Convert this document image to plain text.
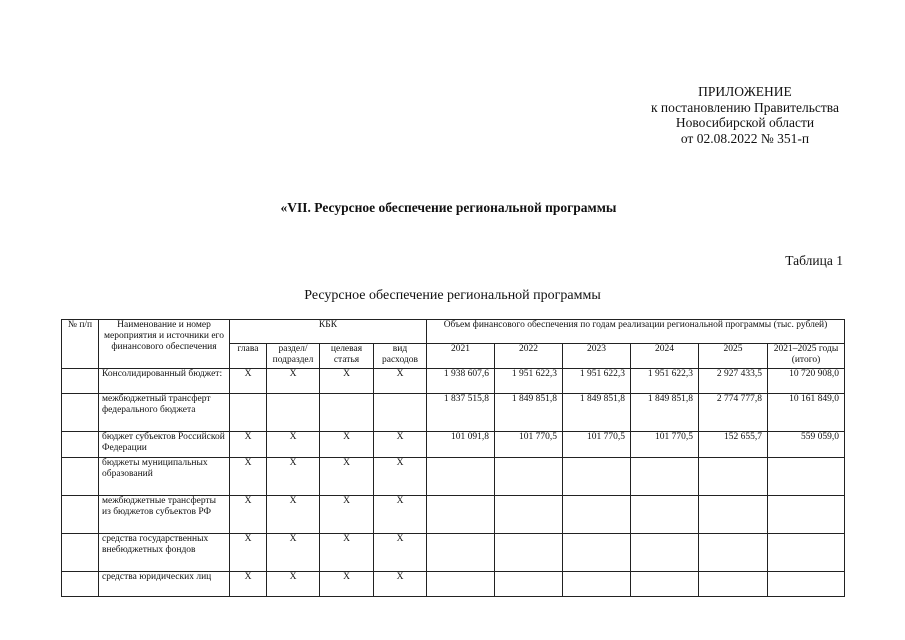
ПРИЛОЖЕНИЕ
к постановлению Правительства
Новосибирской области
от 02.08.2022 № 351-п
«VII. Ресурсное обеспечение региональной программы
Таблица 1
Ресурсное обеспечение региональной программы
№ п/п	Наименование и номер мероприятия и источники его финансового обеспечения	КБК				Объем финансового обеспечения по годам реализации региональной программы (тыс. рублей)					
		глава	раздел/ подраздел	целевая статья	вид расходов	2021	2022	2023	2024	2025	2021–2025 годы (итого)
	Консолидированный бюджет:	X	X	X	X	1 938 607,6	1 951 622,3	1 951 622,3	1 951 622,3	2 927 433,5	10 720 908,0
	межбюджетный трансферт федерального бюджета					1 837 515,8	1 849 851,8	1 849 851,8	1 849 851,8	2 774 777,8	10 161 849,0
	бюджет субъектов Российской Федерации	X	X	X	X	101 091,8	101 770,5	101 770,5	101 770,5	152 655,7	559 059,0
	бюджеты муниципальных образований	X	X	X	X						
	межбюджетные трансферты из бюджетов субъектов РФ	X	X	X	X						
	средства государственных внебюджетных фондов	X	X	X	X						
	средства юридических лиц	X	X	X	X						
